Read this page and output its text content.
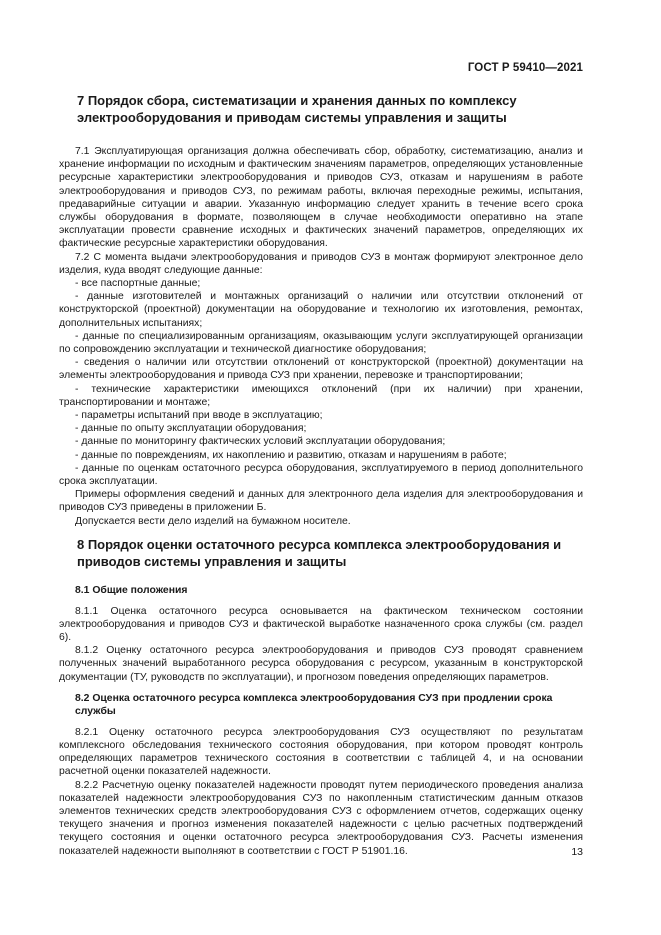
ГОСТ Р 59410—2021
7 Порядок сбора, систематизации и хранения данных по комплексу электрооборудования и приводам системы управления и защиты

7.1 Эксплуатирующая организация должна обеспечивать сбор, обработку, систематизацию, анализ и хранение информации по исходным и фактическим значениям параметров, определяющих установленные ресурсные характеристики электрооборудования и приводов СУЗ, отказам и нарушениям в работе электрооборудования и приводов СУЗ, по режимам работы, включая переходные режимы, испытания, предаварийные ситуации и аварии. Указанную информацию следует хранить в течение всего срока службы оборудования в формате, позволяющем в случае необходимости оперативно на этапе эксплуатации провести сравнение исходных и фактических значений параметров, определяющих их фактические ресурсные характеристики оборудования.

7.2 С момента выдачи электрооборудования и приводов СУЗ в монтаж формируют электронное дело изделия, куда вводят следующие данные:

- все паспортные данные;

- данные изготовителей и монтажных организаций о наличии или отсутствии отклонений от конструкторской (проектной) документации на оборудование и технологию их изготовления, ремонтах, дополнительных испытаниях;

- данные по специализированным организациям, оказывающим услуги эксплуатирующей организации по сопровождению эксплуатации и технической диагностике оборудования;

- сведения о наличии или отсутствии отклонений от конструкторской (проектной) документации на элементы электрооборудования и привода СУЗ при хранении, перевозке и транспортировании;

- технические характеристики имеющихся отклонений (при их наличии) при хранении, транспортировании и монтаже;

- параметры испытаний при вводе в эксплуатацию;

- данные по опыту эксплуатации оборудования;

- данные по мониторингу фактических условий эксплуатации оборудования;

- данные по повреждениям, их накоплению и развитию, отказам и нарушениям в работе;

- данные по оценкам остаточного ресурса оборудования, эксплуатируемого в период дополнительного срока эксплуатации.

Примеры оформления сведений и данных для электронного дела изделия для электрооборудования и приводов СУЗ приведены в приложении Б.

Допускается вести дело изделий на бумажном носителе.

8 Порядок оценки остаточного ресурса комплекса электрооборудования и приводов системы управления и защиты
8.1 Общие положения

8.1.1 Оценка остаточного ресурса основывается на фактическом техническом состоянии электрооборудования и приводов СУЗ и фактической выработке назначенного срока службы (см. раздел 6).

8.1.2 Оценку остаточного ресурса электрооборудования и приводов СУЗ проводят сравнением полученных значений выработанного ресурса оборудования с ресурсом, указанным в конструкторской документации (ТУ, руководств по эксплуатации), и прогнозом поведения определяющих параметров.

8.2 Оценка остаточного ресурса комплекса электрооборудования СУЗ при продлении срока службы

8.2.1 Оценку остаточного ресурса электрооборудования СУЗ осуществляют по результатам комплексного обследования технического состояния оборудования, при котором проводят контроль определяющих параметров технического состояния в соответствии с таблицей 4, и на основании расчетной оценки показателей надежности.

8.2.2 Расчетную оценку показателей надежности проводят путем периодического проведения анализа показателей надежности электрооборудования СУЗ по накопленным статистическим данным отказов элементов технических средств электрооборудования СУЗ с оформлением отчетов, содержащих оценку текущего значения и прогноз изменения показателей надежности с целью расчетных подтверждений текущего состояния и оценки остаточного ресурса электрооборудования СУЗ. Расчеты изменения показателей надежности выполняют в соответствии с ГОСТ Р 51901.16.	13
